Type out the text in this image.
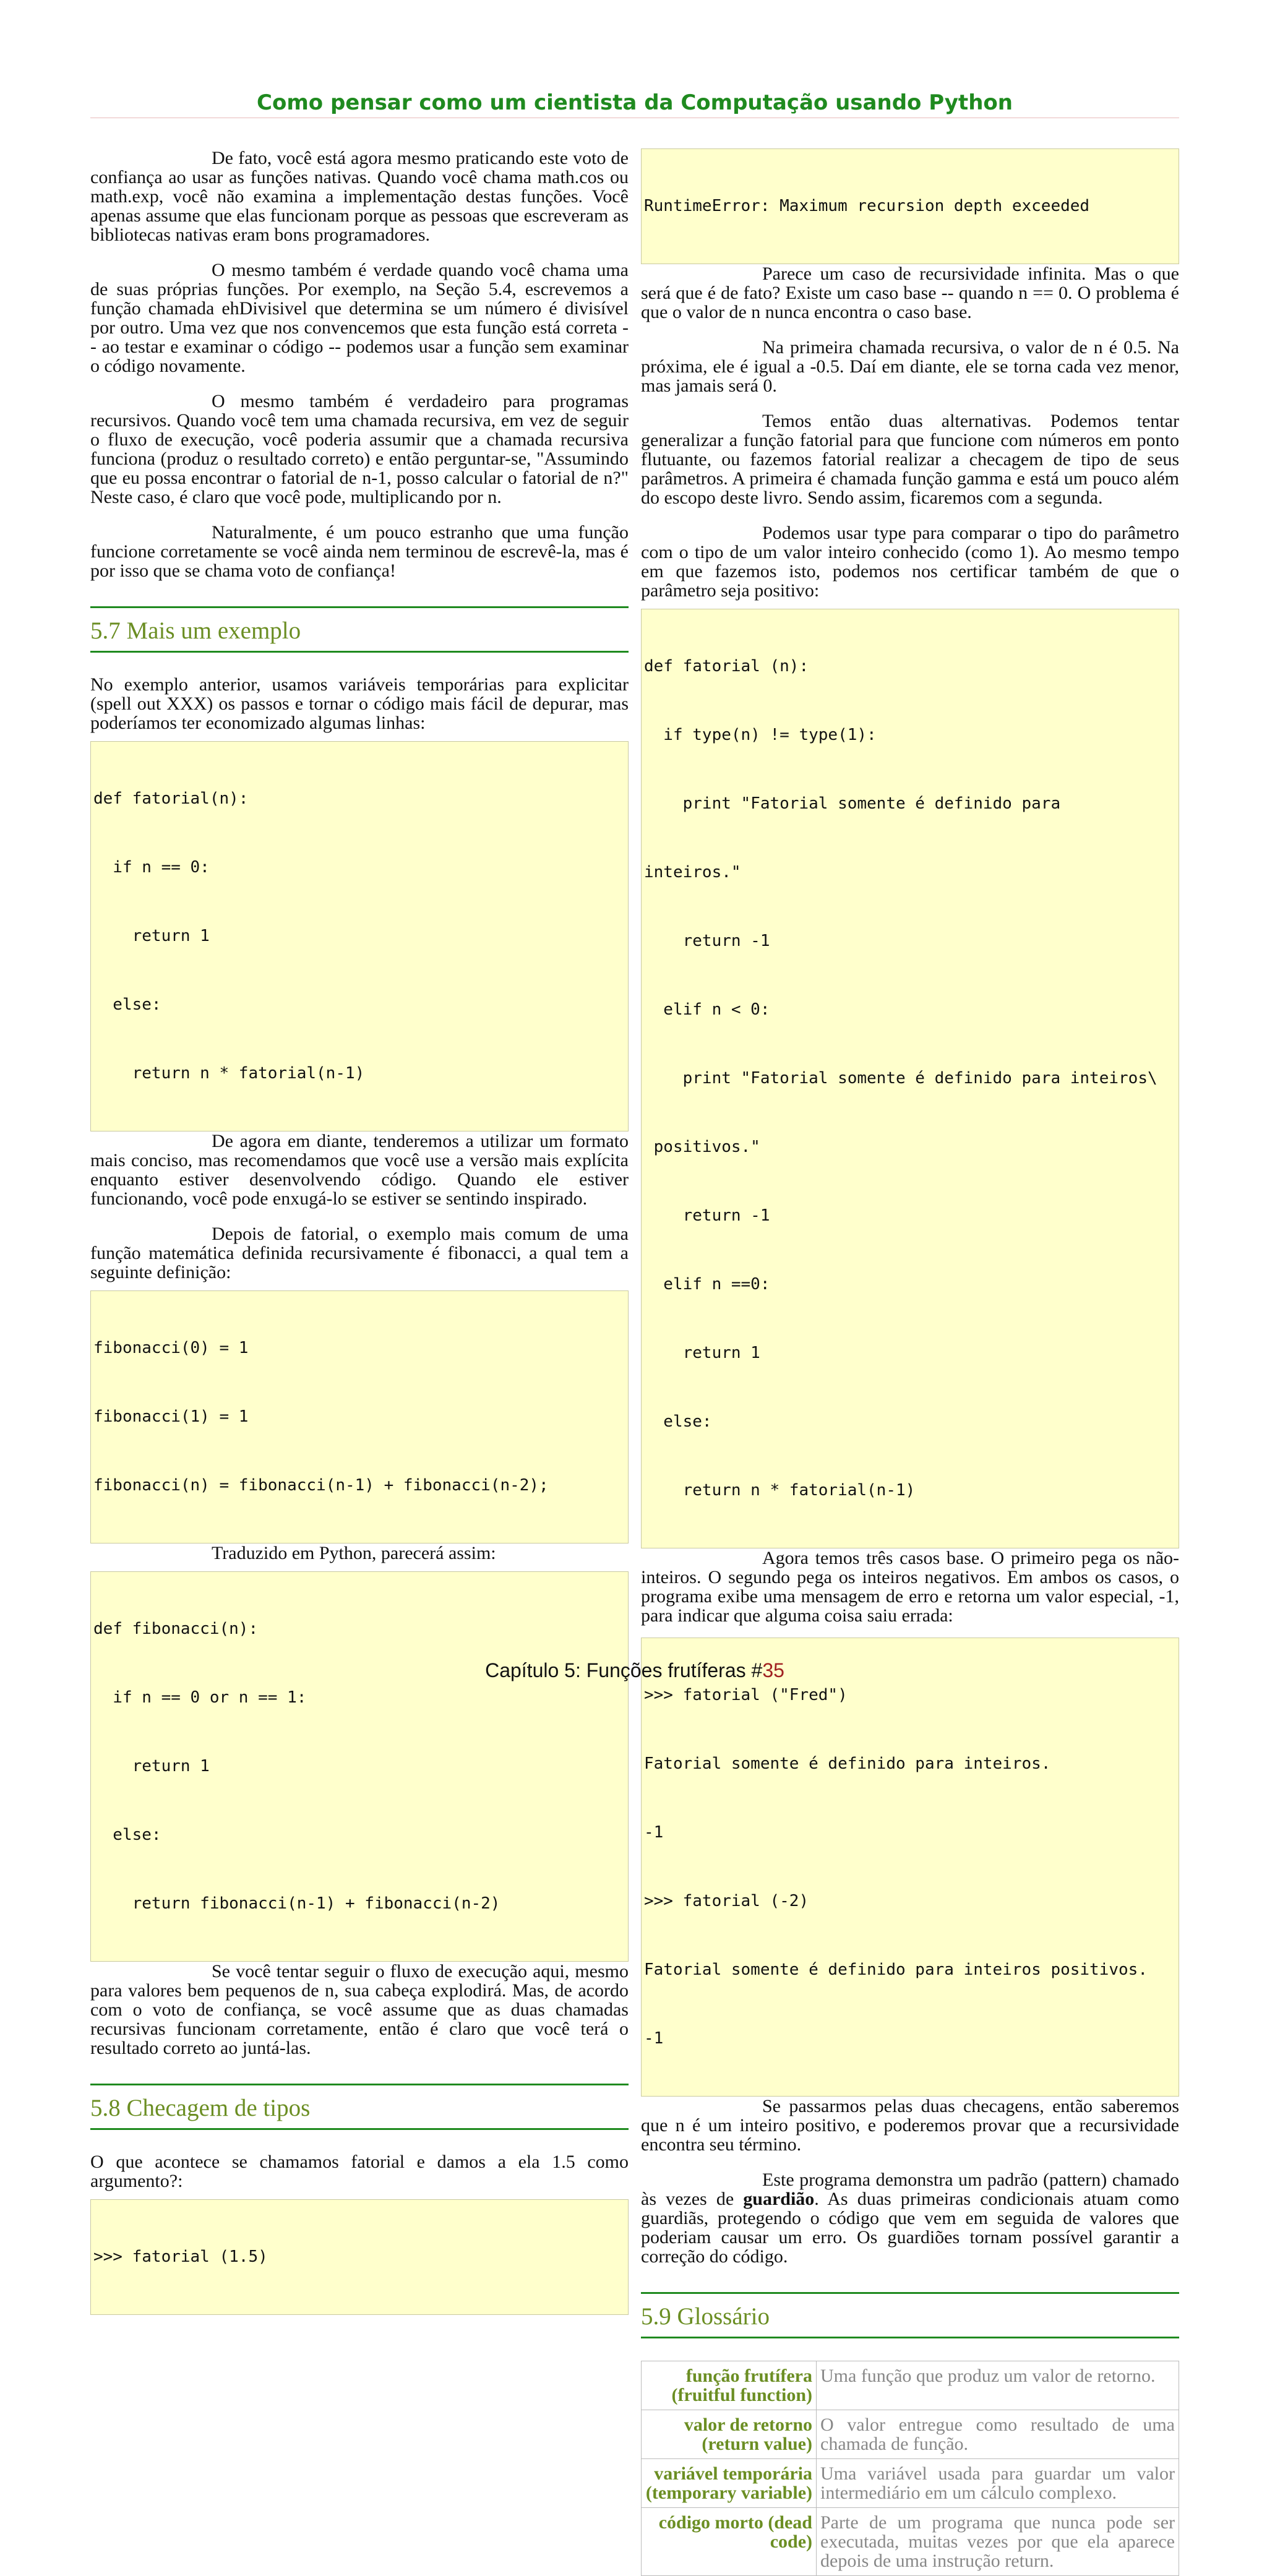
Como pensar como um cientista da Computação usando Python

De fato, você está agora mesmo praticando este voto de confiança ao usar as funções nativas. Quando você chama math.cos ou math.exp, você não examina a implementação destas funções. Você apenas assume que elas funcionam porque as pessoas que escreveram as bibliotecas nativas eram bons programadores.

O mesmo também é verdade quando você chama uma de suas próprias funções. Por exemplo, na Seção 5.4, escrevemos a função chamada ehDivisivel que determina se um número é divisível por outro. Uma vez que nos convencemos que esta função está correta -- ao testar e examinar o código -- podemos usar a função sem examinar o código novamente.

O mesmo também é verdadeiro para programas recursivos. Quando você tem uma chamada recursiva, em vez de seguir o fluxo de execução, você poderia assumir que a chamada recursiva funciona (produz o resultado correto) e então perguntar-se, "Assumindo que eu possa encontrar o fatorial de n-1, posso calcular o fatorial de n?" Neste caso, é claro que você pode, multiplicando por n.

Naturalmente, é um pouco estranho que uma função funcione corretamente se você ainda nem terminou de escrevê-la, mas é por isso que se chama voto de confiança!

5.7 Mais um exemplo

No exemplo anterior, usamos variáveis temporárias para explicitar (spell out XXX) os passos e tornar o código mais fácil de depurar, mas poderíamos ter economizado algumas linhas:

def fatorial(n):

if n == 0:

return 1

else:

return n * fatorial(n-1)

De agora em diante, tenderemos a utilizar um formato mais conciso, mas recomendamos que você use a versão mais explícita enquanto estiver desenvolvendo código. Quando ele estiver funcionando, você pode enxugá-lo se estiver se sentindo inspirado.

Depois de fatorial, o exemplo mais comum de uma função matemática definida recursivamente é fibonacci, a qual tem a seguinte definição:

fibonacci(0) = 1

fibonacci(1) = 1

fibonacci(n) = fibonacci(n-1) + fibonacci(n-2);

Traduzido em Python, parecerá assim:

def fibonacci(n):

if n == 0 or n == 1:

return 1

else:

return fibonacci(n-1) + fibonacci(n-2)

Se você tentar seguir o fluxo de execução aqui, mesmo para valores bem pequenos de n, sua cabeça explodirá. Mas, de acordo com o voto de confiança, se você assume que as duas chamadas recursivas funcionam corretamente, então é claro que você terá o resultado correto ao juntá-las.

5.8 Checagem de tipos

O que acontece se chamamos fatorial e damos a ela 1.5 como argumento?:

>>> fatorial (1.5)

RuntimeError: Maximum recursion depth exceeded

Parece um caso de recursividade infinita. Mas o que será que é de fato? Existe um caso base -- quando n == 0. O problema é que o valor de n nunca encontra o caso base.

Na primeira chamada recursiva, o valor de n é 0.5. Na próxima, ele é igual a -0.5. Daí em diante, ele se torna cada vez menor, mas jamais será 0.

Temos então duas alternativas. Podemos tentar generalizar a função fatorial para que funcione com números em ponto flutuante, ou fazemos fatorial realizar a checagem de tipo de seus parâmetros. A primeira é chamada função gamma e está um pouco além do escopo deste livro. Sendo assim, ficaremos com a segunda.

Podemos usar type para comparar o tipo do parâmetro com o tipo de um valor inteiro conhecido (como 1). Ao mesmo tempo em que fazemos isto, podemos nos certificar também de que o parâmetro seja positivo:

def fatorial (n):

if type(n) != type(1):

print "Fatorial somente é definido para

inteiros."

return -1

elif n < 0:

print "Fatorial somente é definido para inteiros\

positivos."

return -1

elif n ==0:

return 1

else:

return n * fatorial(n-1)

Agora temos três casos base. O primeiro pega os não-inteiros. O segundo pega os inteiros negativos. Em ambos os casos, o programa exibe uma mensagem de erro e retorna um valor especial, -1, para indicar que alguma coisa saiu errada:

>>> fatorial ("Fred")

Fatorial somente é definido para inteiros.

-1

>>> fatorial (-2)

Fatorial somente é definido para inteiros positivos.

-1

Se passarmos pelas duas checagens, então saberemos que n é um inteiro positivo, e poderemos provar que a recursividade encontra seu término.

Este programa demonstra um padrão (pattern) chamado às vezes de guardião. As duas primeiras condicionais atuam como guardiãs, protegendo o código que vem em seguida de valores que poderiam causar um erro. Os guardiões tornam possível garantir a correção do código.

5.9 Glossário
função frutífera (fruitful function)	Uma função que produz um valor de retorno.
valor de retorno (return value)	O valor entregue como resultado de uma chamada de função.
variável temporária (temporary variable)	Uma variável usada para guardar um valor intermediário em um cálculo complexo.
código morto (dead code)	Parte de um programa que nunca pode ser executada, muitas vezes por que ela aparece depois de uma instrução return.
Capítulo 5: Funções frutíferas #35
